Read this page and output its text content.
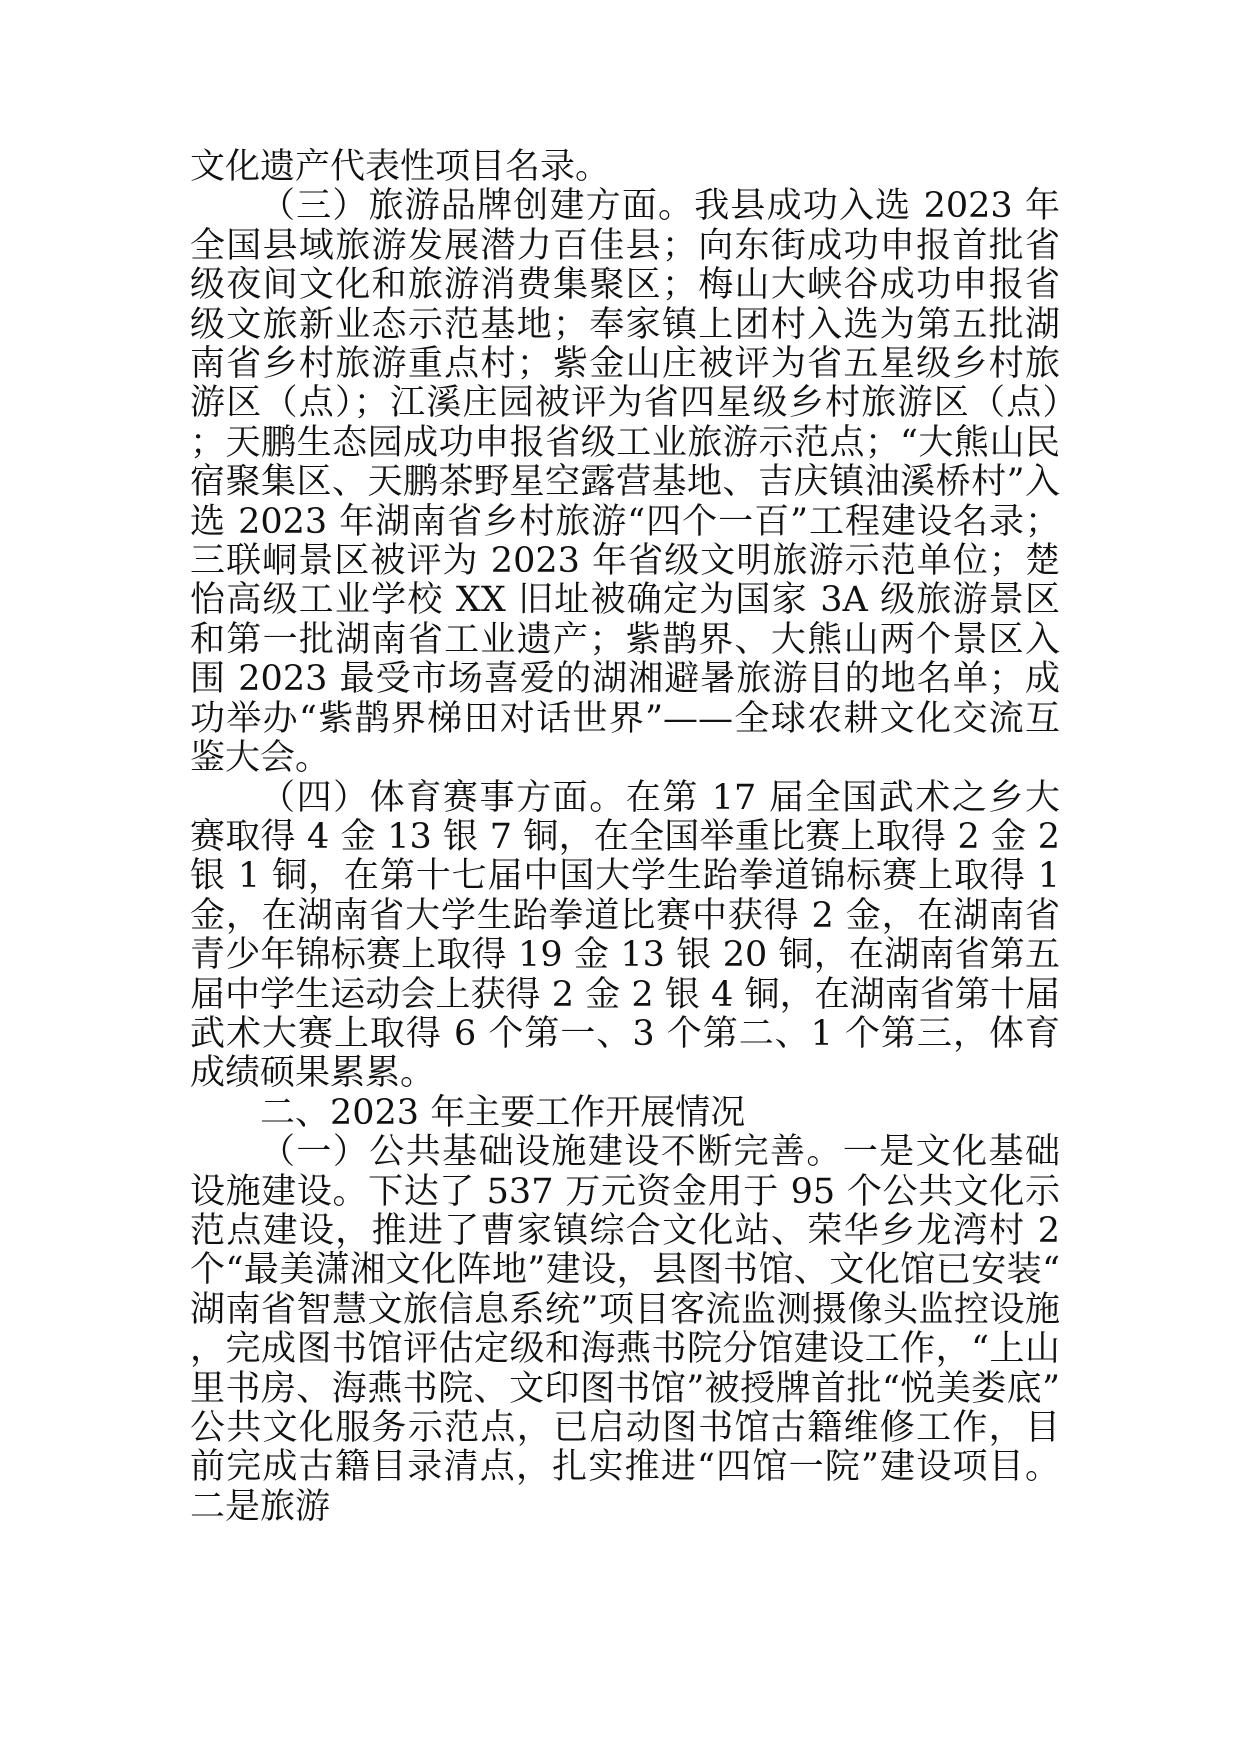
文化遗产代表性项目名录。

（三）旅游品牌创建方面。我县成功入选 2023 年全国县域旅游发展潜力百佳县；向东街成功申报首批省级夜间文化和旅游消费集聚区；梅山大峡谷成功申报省级文旅新业态示范基地；奉家镇上团村入选为第五批湖南省乡村旅游重点村；紫金山庄被评为省五星级乡村旅游区（点）；江溪庄园被评为省四星级乡村旅游区（点）；天鹏生态园成功申报省级工业旅游示范点；“大熊山民宿聚集区、天鹏茶野星空露营基地、吉庆镇油溪桥村”入选 2023 年湖南省乡村旅游“四个一百”工程建设名录；三联峒景区被评为 2023 年省级文明旅游示范单位；楚怡高级工业学校 XX 旧址被确定为国家 3A 级旅游景区和第一批湖南省工业遗产；紫鹊界、大熊山两个景区入围 2023 最受市场喜爱的湖湘避暑旅游目的地名单；成功举办“紫鹊界梯田对话世界”——全球农耕文化交流互鉴大会。

（四）体育赛事方面。在第 17 届全国武术之乡大赛取得 4 金 13 银 7 铜，在全国举重比赛上取得 2 金 2 银 1 铜，在第十七届中国大学生跆拳道锦标赛上取得 1 金，在湖南省大学生跆拳道比赛中获得 2 金，在湖南省青少年锦标赛上取得 19 金 13 银 20 铜，在湖南省第五届中学生运动会上获得 2 金 2 银 4 铜，在湖南省第十届武术大赛上取得 6 个第一、3 个第二、1 个第三，体育成绩硕果累累。

二、2023 年主要工作开展情况

（一）公共基础设施建设不断完善。一是文化基础设施建设。下达了 537 万元资金用于 95 个公共文化示范点建设，推进了曹家镇综合文化站、荣华乡龙湾村 2 个“最美潇湘文化阵地”建设，县图书馆、文化馆已安装“湖南省智慧文旅信息系统”项目客流监测摄像头监控设施，完成图书馆评估定级和海燕书院分馆建设工作，“上山里书房、海燕书院、文印图书馆”被授牌首批“悦美娄底”公共文化服务示范点，已启动图书馆古籍维修工作，目前完成古籍目录清点，扎实推进“四馆一院”建设项目。二是旅游
